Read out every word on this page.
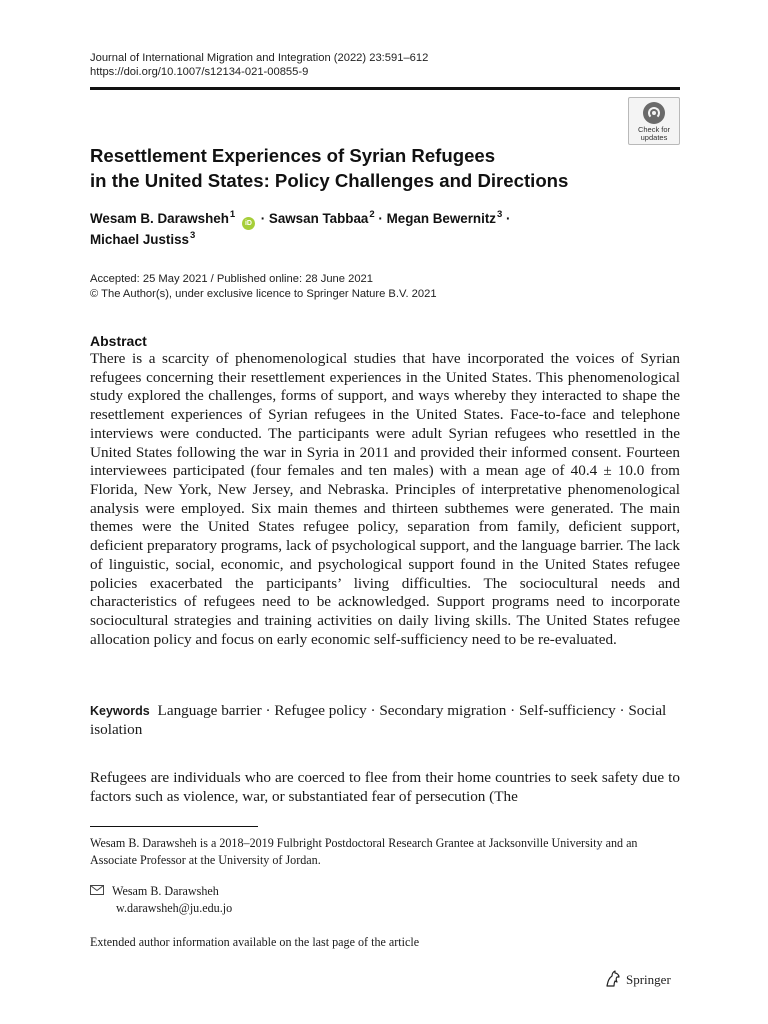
Journal of International Migration and Integration (2022) 23:591–612
https://doi.org/10.1007/s12134-021-00855-9
Check for
updates
Resettlement Experiences of Syrian Refugees
in the United States: Policy Challenges and Directions
Wesam B. Darawsheh$^1$ iD · Sawsan Tabbaa$^2$ · Megan Bewernitz$^3$ ·
Michael Justiss$^3$
Accepted: 25 May 2021 / Published online: 28 June 2021
© The Author(s), under exclusive licence to Springer Nature B.V. 2021
Abstract
There is a scarcity of phenomenological studies that have incorporated the voices of Syrian refugees concerning their resettlement experiences in the United States. This phenomenological study explored the challenges, forms of support, and ways whereby they interacted to shape the resettlement experiences of Syrian refugees in the United States. Face-to-face and telephone interviews were conducted. The participants were adult Syrian refugees who resettled in the United States following the war in Syria in 2011 and provided their informed consent. Fourteen interviewees participated (four females and ten males) with a mean age of 40.4 ± 10.0 from Florida, New York, New Jersey, and Nebraska. Principles of interpretative phenomenological analysis were employed. Six main themes and thirteen subthemes were generated. The main themes were the United States refugee policy, separation from family, deficient support, deficient preparatory programs, lack of psychological support, and the language barrier. The lack of linguistic, social, economic, and psychological support found in the United States refugee policies exacerbated the participants’ living difficulties. The sociocultural needs and characteristics of refugees need to be acknowledged. Support programs need to incorporate sociocultural strategies and training activities on daily living skills. The United States refugee allocation policy and focus on early economic self-sufficiency need to be re-evaluated.
Keywords Language barrier · Refugee policy · Secondary migration · Self-sufficiency · Social isolation
Refugees are individuals who are coerced to flee from their home countries to seek safety due to factors such as violence, war, or substantiated fear of persecution (The
Wesam B. Darawsheh is a 2018–2019 Fulbright Postdoctoral Research Grantee at Jacksonville University and an Associate Professor at the University of Jordan.
Wesam B. Darawsheh
w.darawsheh@ju.edu.jo
Extended author information available on the last page of the article
Springer
